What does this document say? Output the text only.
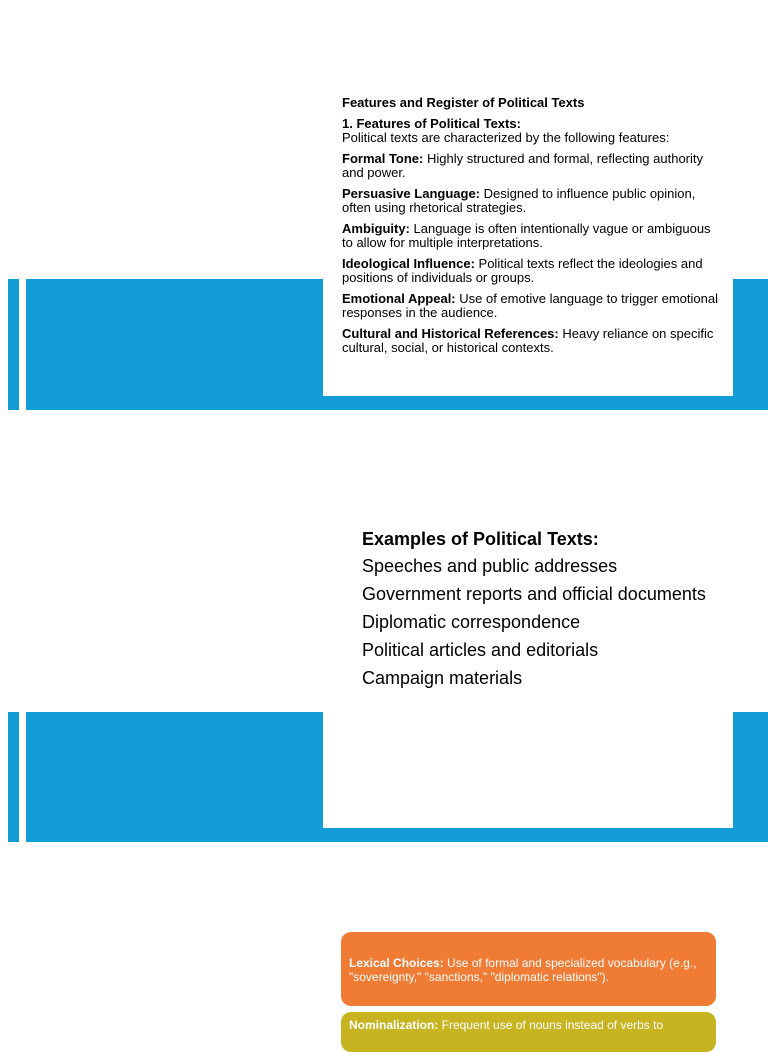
Features and Register of Political Texts
1. Features of Political Texts:
Political texts are characterized by the following features:
Formal Tone: Highly structured and formal, reflecting authority and power.
Persuasive Language: Designed to influence public opinion, often using rhetorical strategies.
Ambiguity: Language is often intentionally vague or ambiguous to allow for multiple interpretations.
Ideological Influence: Political texts reflect the ideologies and positions of individuals or groups.
Emotional Appeal: Use of emotive language to trigger emotional responses in the audience.
Cultural and Historical References: Heavy reliance on specific cultural, social, or historical contexts.
Examples of Political Texts:
Speeches and public addresses
Government reports and official documents
Diplomatic correspondence
Political articles and editorials
Campaign materials
Lexical Choices: Use of formal and specialized vocabulary (e.g., "sovereignty," "sanctions," "diplomatic relations").
Nominalization: Frequent use of nouns instead of verbs to
